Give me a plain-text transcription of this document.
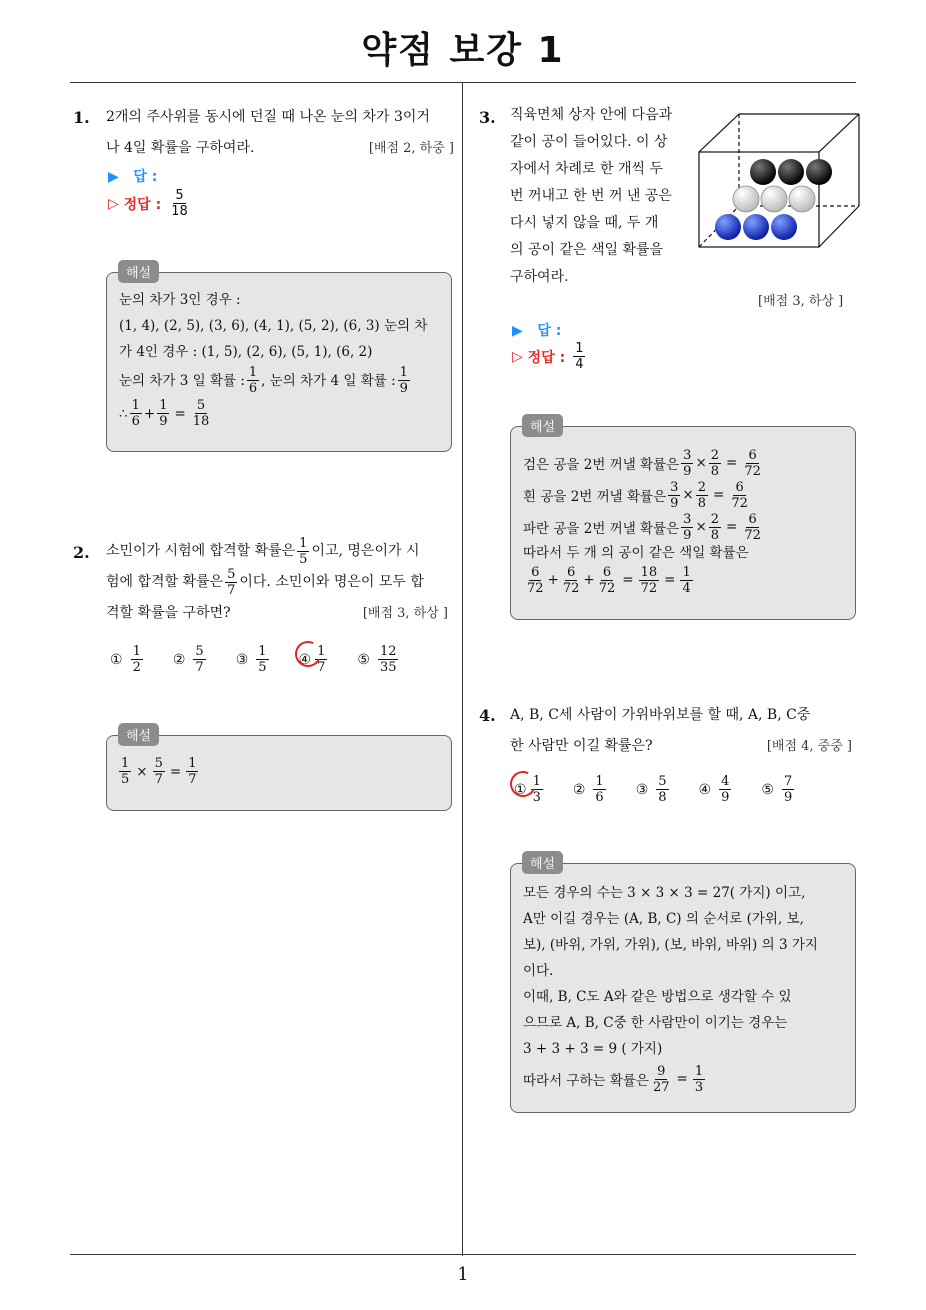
약점 보강 1
1
1. 2개의 주사위를 동시에 던질 때 나온 눈의 차가 3이거
나 4일 확률을 구하여라.	[배점 2, 하중 ]
▶ 답 :
▷
정답 : $\frac{5}{18}$
눈의 차가 3인 경우 :
(1, 4), (2, 5), (3, 6), (4, 1), (5, 2), (6, 3) 눈의 차
가 4인 경우 : (1, 5), (2, 6), (5, 1), (6, 2)
눈의 차가 3 일 확률 : $\frac{1}{6}$ , 눈의 차가 4 일 확률 : $\frac{1}{9}$
∴ $\frac{1}{6} + \frac{1}{9} = \frac{5}{18}$
해설
2. 소민이가 시험에 합격할 확률은 $\frac{1}{5}$ 이고, 명은이가 시
험에 합격할 확률은 $\frac{5}{7}$ 이다. 소민이와 명은이 모두 합
격할 확률을 구하면?	[배점 3, 하상 ]
① $\frac{1}{2}$ ② $\frac{5}{7}$ ③ $\frac{1}{5}$ ④ $\frac{1}{7}$ ⑤ $\frac{12}{35}$
$\frac{1}{5} \times \frac{5}{7} = \frac{1}{7}$
해설
3. 직육면체 상자 안에 다음과
같이 공이 들어있다. 이 상
자에서 차례로 한 개씩 두
번 꺼내고 한 번 꺼 낸 공은
다시 넣지 않을 때, 두 개
의 공이 같은 색일 확률을
구하여라.
[배점 3, 하상 ]
▶ 답 :
▷
정답 : $\frac{1}{4}$
검은 공을 2번 꺼낼 확률은 $\frac{3}{9} \times \frac{2}{8} = \frac{6}{72}$
흰 공을 2번 꺼낼 확률은 $\frac{3}{9} \times \frac{2}{8} = \frac{6}{72}$
파란 공을 2번 꺼낼 확률은 $\frac{3}{9} \times \frac{2}{8} = \frac{6}{72}$
따라서 두 개 의 공이 같은 색일 확률은
$\frac{6}{72} + \frac{6}{72} + \frac{6}{72} = \frac{18}{72} = \frac{1}{4}$
해설
4. A, B, C세 사람이 가위바위보를 할 때, A, B, C중
한 사람만 이길 확률은?	[배점 4, 중중 ]
① $\frac{1}{3}$ ② $\frac{1}{6}$ ③ $\frac{5}{8}$ ④ $\frac{4}{9}$ ⑤ $\frac{7}{9}$
모든 경우의 수는 3 × 3 × 3 = 27( 가지) 이고,
A만 이길 경우는 (A, B, C) 의 순서로 (가위, 보,
보), (바위, 가위, 가위), (보, 바위, 바위) 의 3 가지
이다.
이때, B, C도 A와 같은 방법으로 생각할 수 있
으므로 A, B, C중 한 사람만이 이기는 경우는
3 + 3 + 3 = 9 ( 가지)
따라서 구하는 확률은 $\frac{9}{27} = \frac{1}{3}$
해설
